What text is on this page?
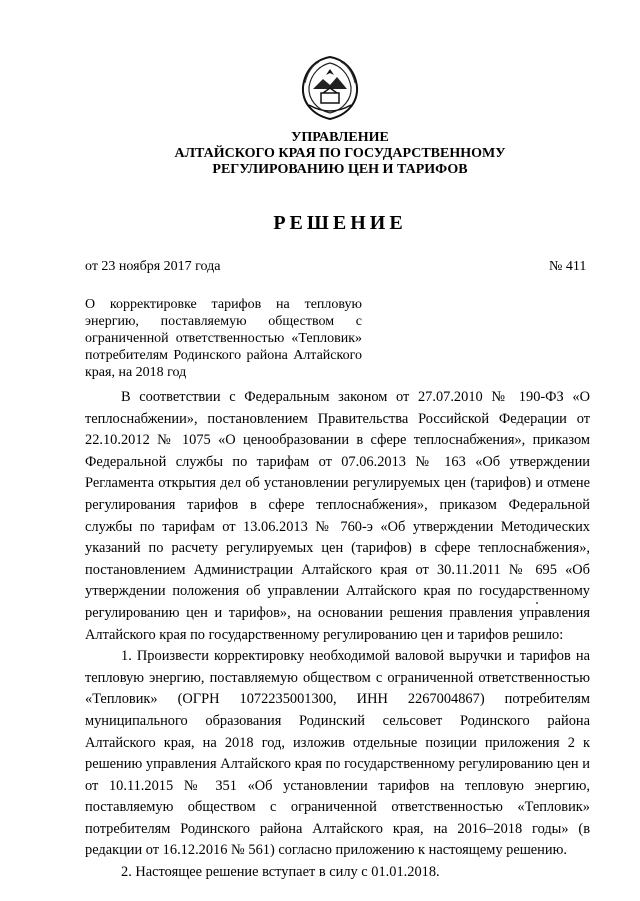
УПРАВЛЕНИЕ
АЛТАЙСКОГО КРАЯ ПО ГОСУДАРСТВЕННОМУ
РЕГУЛИРОВАНИЮ ЦЕН И ТАРИФОВ
РЕШЕНИЕ
от 23 ноября 2017 года	№ 411
О корректировке тарифов на тепловую энергию, поставляемую обществом с ограниченной ответственностью «Тепловик» потребителям Родинского района Алтайского края, на 2018 год

В соответствии с Федеральным законом от 27.07.2010 № 190-ФЗ «О теплоснабжении», постановлением Правительства Российской Федерации от 22.10.2012 № 1075 «О ценообразовании в сфере теплоснабжения», приказом Федеральной службы по тарифам от 07.06.2013 № 163 «Об утверждении Регламента открытия дел об установлении регулируемых цен (тарифов) и отмене регулирования тарифов в сфере теплоснабжения», приказом Федеральной службы по тарифам от 13.06.2013 № 760-э «Об утверждении Методических указаний по расчету регулируемых цен (тарифов) в сфере теплоснабжения», постановлением Администрации Алтайского края от 30.11.2011 № 695 «Об утверждении положения об управлении Алтайского края по государственному регулированию цен и тарифов», на основании решения правления управления Алтайского края по государственному регулированию цен и тарифов решило:

1. Произвести корректировку необходимой валовой выручки и тарифов на тепловую энергию, поставляемую обществом с ограниченной ответственностью «Тепловик» (ОГРН 1072235001300, ИНН 2267004867) потребителям муниципального образования Родинский сельсовет Родинского района Алтайского края, на 2018 год, изложив отдельные позиции приложения 2 к решению управления Алтайского края по государственному регулированию цен и от 10.11.2015 № 351 «Об установлении тарифов на тепловую энергию, поставляемую обществом с ограниченной ответственностью «Тепловик» потребителям Родинского района Алтайского края, на 2016–2018 годы» (в редакции от 16.12.2016 № 561) согласно приложению к настоящему решению.

2. Настоящее решение вступает в силу с 01.01.2018.
